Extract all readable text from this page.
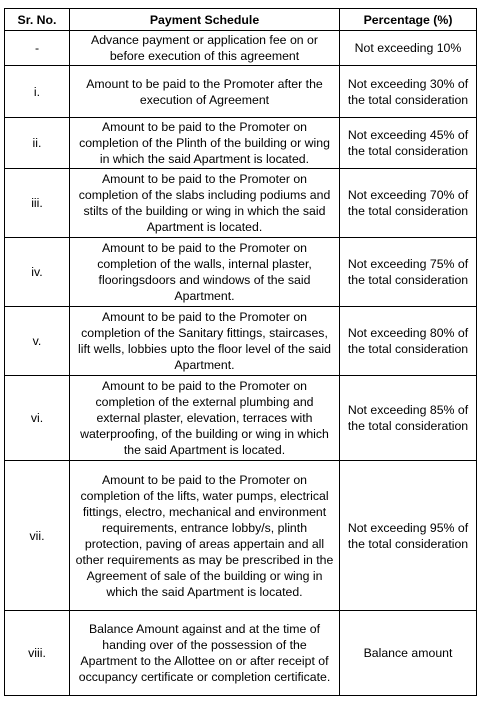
Sr. No.	Payment Schedule	Percentage (%)
-	Advance payment or application fee on or before execution of this agreement	Not exceeding 10%
i.	Amount to be paid to the Promoter after the execution of Agreement	Not exceeding 30% of the total consideration
ii.	Amount to be paid to the Promoter on completion of the Plinth of the building or wing in which the said Apartment is located.	Not exceeding 45% of the total consideration
iii.	Amount to be paid to the Promoter on completion of the slabs including podiums and stilts of the building or wing in which the said Apartment is located.	Not exceeding 70% of the total consideration
iv.	Amount to be paid to the Promoter on completion of the walls, internal plaster, flooringsdoors and windows of the said Apartment.	Not exceeding 75% of the total consideration
v.	Amount to be paid to the Promoter on completion of the Sanitary fittings, staircases, lift wells, lobbies upto the floor level of the said Apartment.	Not exceeding 80% of the total consideration
vi.	Amount to be paid to the Promoter on completion of the external plumbing and external plaster, elevation, terraces with waterproofing, of the building or wing in which the said Apartment is located.	Not exceeding 85% of the total consideration
vii.	Amount to be paid to the Promoter on completion of the lifts, water pumps, electrical fittings, electro, mechanical and environment requirements, entrance lobby/s, plinth protection, paving of areas appertain and all other requirements as may be prescribed in the Agreement of sale of the building or wing in which the said Apartment is located.	Not exceeding 95% of the total consideration
viii.	Balance Amount against and at the time of handing over of the possession of the Apartment to the Allottee on or after receipt of occupancy certificate or completion certificate.	Balance amount
